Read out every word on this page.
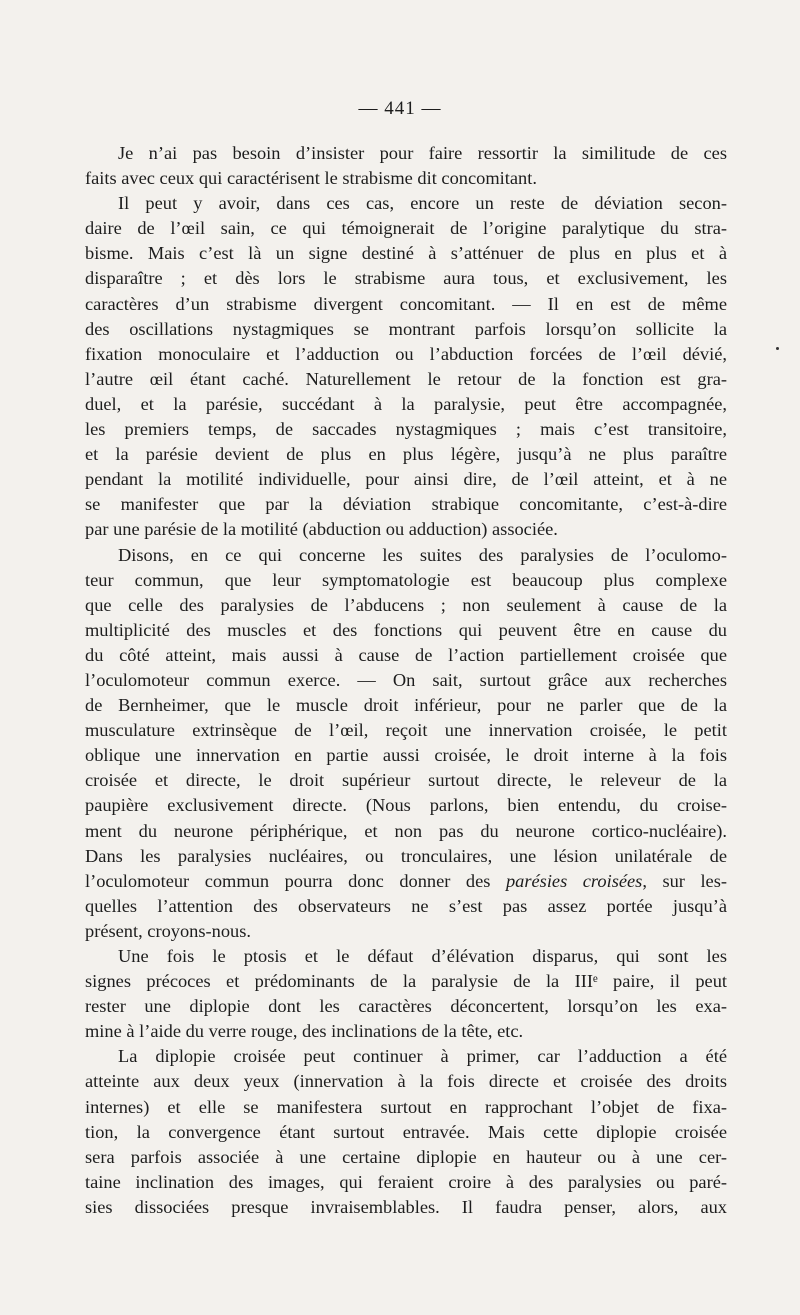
— 441 —
Je n’ai pas besoin d’insister pour faire ressortir la similitude de ces
faits avec ceux qui caractérisent le strabisme dit concomitant.
Il peut y avoir, dans ces cas, encore un reste de déviation secon-
daire de l’œil sain, ce qui témoignerait de l’origine paralytique du stra-
bisme. Mais c’est là un signe destiné à s’atténuer de plus en plus et à
disparaître ; et dès lors le strabisme aura tous, et exclusivement, les
caractères d’un strabisme divergent concomitant. — Il en est de même
des oscillations nystagmiques se montrant parfois lorsqu’on sollicite la
fixation monoculaire et l’adduction ou l’abduction forcées de l’œil dévié,
l’autre œil étant caché. Naturellement le retour de la fonction est gra-
duel, et la parésie, succédant à la paralysie, peut être accompagnée,
les premiers temps, de saccades nystagmiques ; mais c’est transitoire,
et la parésie devient de plus en plus légère, jusqu’à ne plus paraître
pendant la motilité individuelle, pour ainsi dire, de l’œil atteint, et à ne
se manifester que par la déviation strabique concomitante, c’est-à-dire
par une parésie de la motilité (abduction ou adduction) associée.
Disons, en ce qui concerne les suites des paralysies de l’oculomo-
teur commun, que leur symptomatologie est beaucoup plus complexe
que celle des paralysies de l’abducens ; non seulement à cause de la
multiplicité des muscles et des fonctions qui peuvent être en cause du
du côté atteint, mais aussi à cause de l’action partiellement croisée que
l’oculomoteur commun exerce. — On sait, surtout grâce aux recherches
de Bernheimer, que le muscle droit inférieur, pour ne parler que de la
musculature extrinsèque de l’œil, reçoit une innervation croisée, le petit
oblique une innervation en partie aussi croisée, le droit interne à la fois
croisée et directe, le droit supérieur surtout directe, le releveur de la
paupière exclusivement directe. (Nous parlons, bien entendu, du croise-
ment du neurone périphérique, et non pas du neurone cortico-nucléaire).
Dans les paralysies nucléaires, ou tronculaires, une lésion unilatérale de
l’oculomoteur commun pourra donc donner des parésies croisées, sur les-
quelles l’attention des observateurs ne s’est pas assez portée jusqu’à
présent, croyons-nous.
Une fois le ptosis et le défaut d’élévation disparus, qui sont les
signes précoces et prédominants de la paralysie de la IIIᵉ paire, il peut
rester une diplopie dont les caractères déconcertent, lorsqu’on les exa-
mine à l’aide du verre rouge, des inclinations de la tête, etc.
La diplopie croisée peut continuer à primer, car l’adduction a été
atteinte aux deux yeux (innervation à la fois directe et croisée des droits
internes) et elle se manifestera surtout en rapprochant l’objet de fixa-
tion, la convergence étant surtout entravée. Mais cette diplopie croisée
sera parfois associée à une certaine diplopie en hauteur ou à une cer-
taine inclination des images, qui feraient croire à des paralysies ou paré-
sies dissociées presque invraisemblables. Il faudra penser, alors, aux
